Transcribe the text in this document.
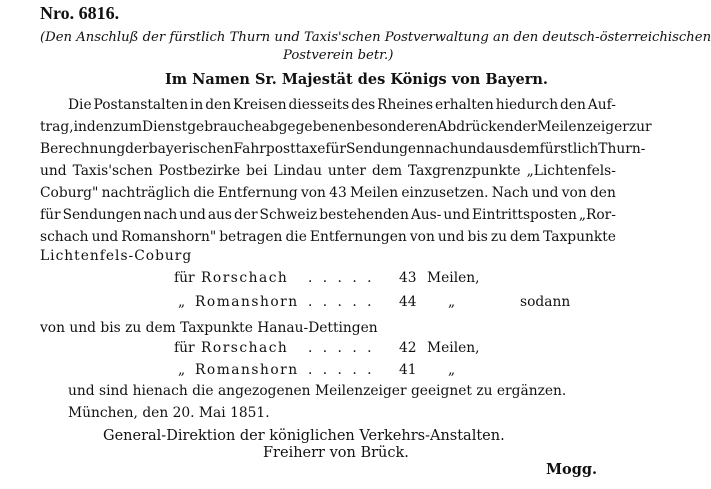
Nro. 6816.
(Den Anschluß der fürstlich Thurn und Taxis'schen Postverwaltung an den deutsch-österreichischen
Postverein betr.)
Im Namen Sr. Majestät des Königs von Bayern.
Die Postanstalten in den Kreisen diesseits des Rheines erhalten hiedurch den Auf-
trag, in den zum Dienstgebrauche abgegebenen besonderen Abdrücken der Meilenzeiger zur
Berechnung der bayerischen Fahrposttaxe für Sendungen nach und aus dem fürstlich Thurn-
und Taxis'schen Postbezirke bei Lindau unter dem Taxgrenzpunkte „Lichtenfels-
Coburg" nachträglich die Entfernung von 43 Meilen einzusetzen. Nach und von den
für Sendungen nach und aus der Schweiz bestehenden Aus- und Eintrittsposten „Ror-
schach und Romanshorn" betragen die Entfernungen von und bis zu dem Taxpunkte
Lichtenfels-Coburg
für Rorschach . . . . . 43 Meilen,
„ Romanshorn . . . . . 44 „	sodann
von und bis zu dem Taxpunkte Hanau-Dettingen
für Rorschach . . . . . 42 Meilen,
„ Romanshorn . . . . . 41 „
und sind hienach die angezogenen Meilenzeiger geeignet zu ergänzen.
München, den 20. Mai 1851.
General-Direktion der königlichen Verkehrs-Anstalten.
Freiherr von Brück.
Mogg.
